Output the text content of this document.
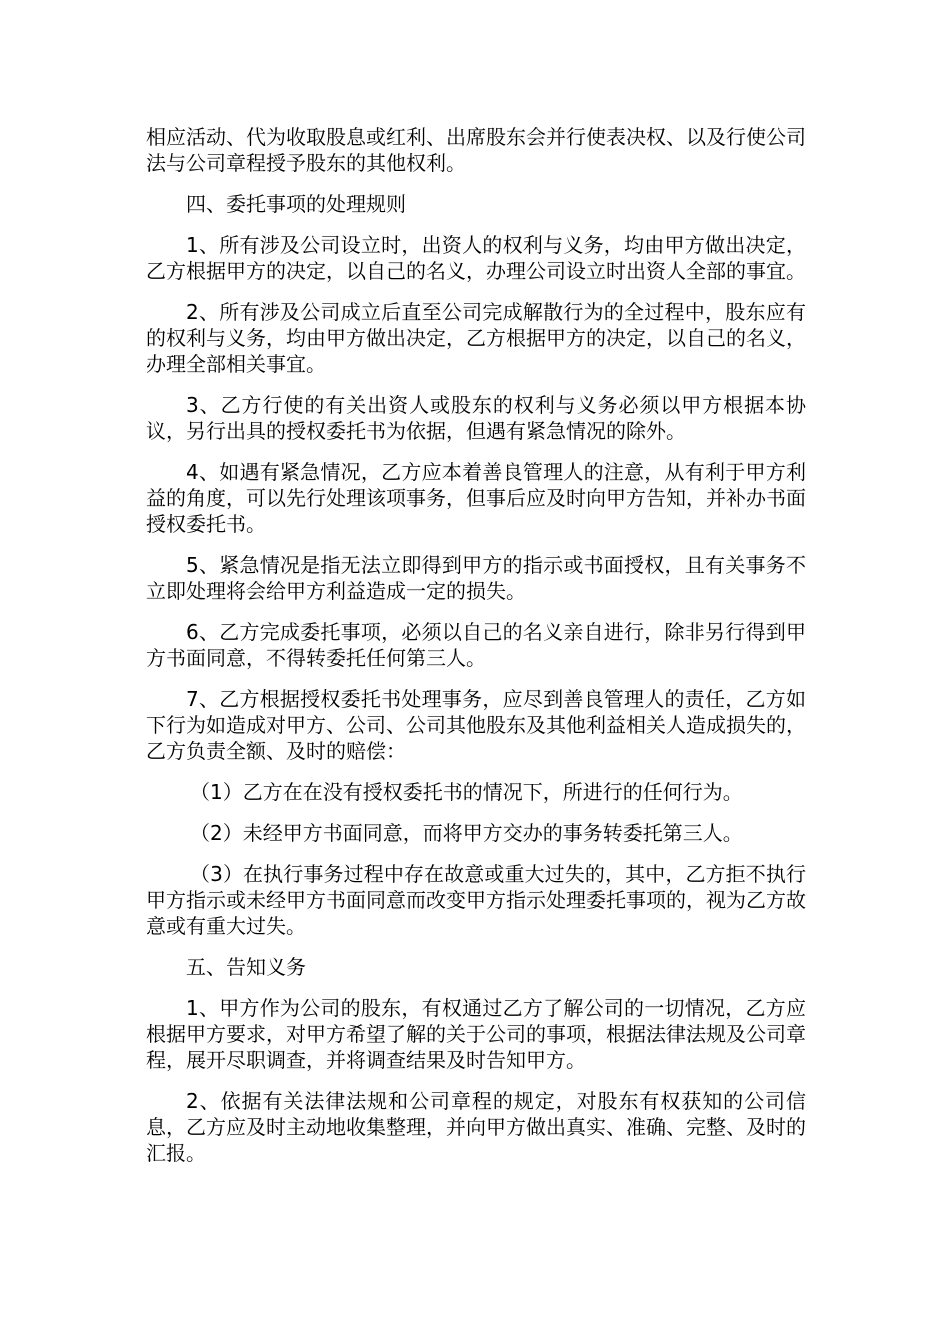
相应活动、代为收取股息或红利、出席股东会并行使表决权、以及行使公司法与公司章程授予股东的其他权利。

四、委托事项的处理规则

1、所有涉及公司设立时，出资人的权利与义务，均由甲方做出决定，乙方根据甲方的决定，以自己的名义，办理公司设立时出资人全部的事宜。

2、所有涉及公司成立后直至公司完成解散行为的全过程中，股东应有的权利与义务，均由甲方做出决定，乙方根据甲方的决定，以自己的名义，办理全部相关事宜。

3、乙方行使的有关出资人或股东的权利与义务必须以甲方根据本协议，另行出具的授权委托书为依据，但遇有紧急情况的除外。

4、如遇有紧急情况，乙方应本着善良管理人的注意，从有利于甲方利益的角度，可以先行处理该项事务，但事后应及时向甲方告知，并补办书面授权委托书。

5、紧急情况是指无法立即得到甲方的指示或书面授权，且有关事务不立即处理将会给甲方利益造成一定的损失。

6、乙方完成委托事项，必须以自己的名义亲自进行，除非另行得到甲方书面同意，不得转委托任何第三人。

7、乙方根据授权委托书处理事务，应尽到善良管理人的责任，乙方如下行为如造成对甲方、公司、公司其他股东及其他利益相关人造成损失的，乙方负责全额、及时的赔偿：

（1）乙方在在没有授权委托书的情况下，所进行的任何行为。

（2）未经甲方书面同意，而将甲方交办的事务转委托第三人。

（3）在执行事务过程中存在故意或重大过失的，其中，乙方拒不执行甲方指示或未经甲方书面同意而改变甲方指示处理委托事项的，视为乙方故意或有重大过失。

五、告知义务

1、甲方作为公司的股东，有权通过乙方了解公司的一切情况，乙方应根据甲方要求，对甲方希望了解的关于公司的事项，根据法律法规及公司章程，展开尽职调查，并将调查结果及时告知甲方。

2、依据有关法律法规和公司章程的规定，对股东有权获知的公司信息，乙方应及时主动地收集整理，并向甲方做出真实、准确、完整、及时的汇报。
